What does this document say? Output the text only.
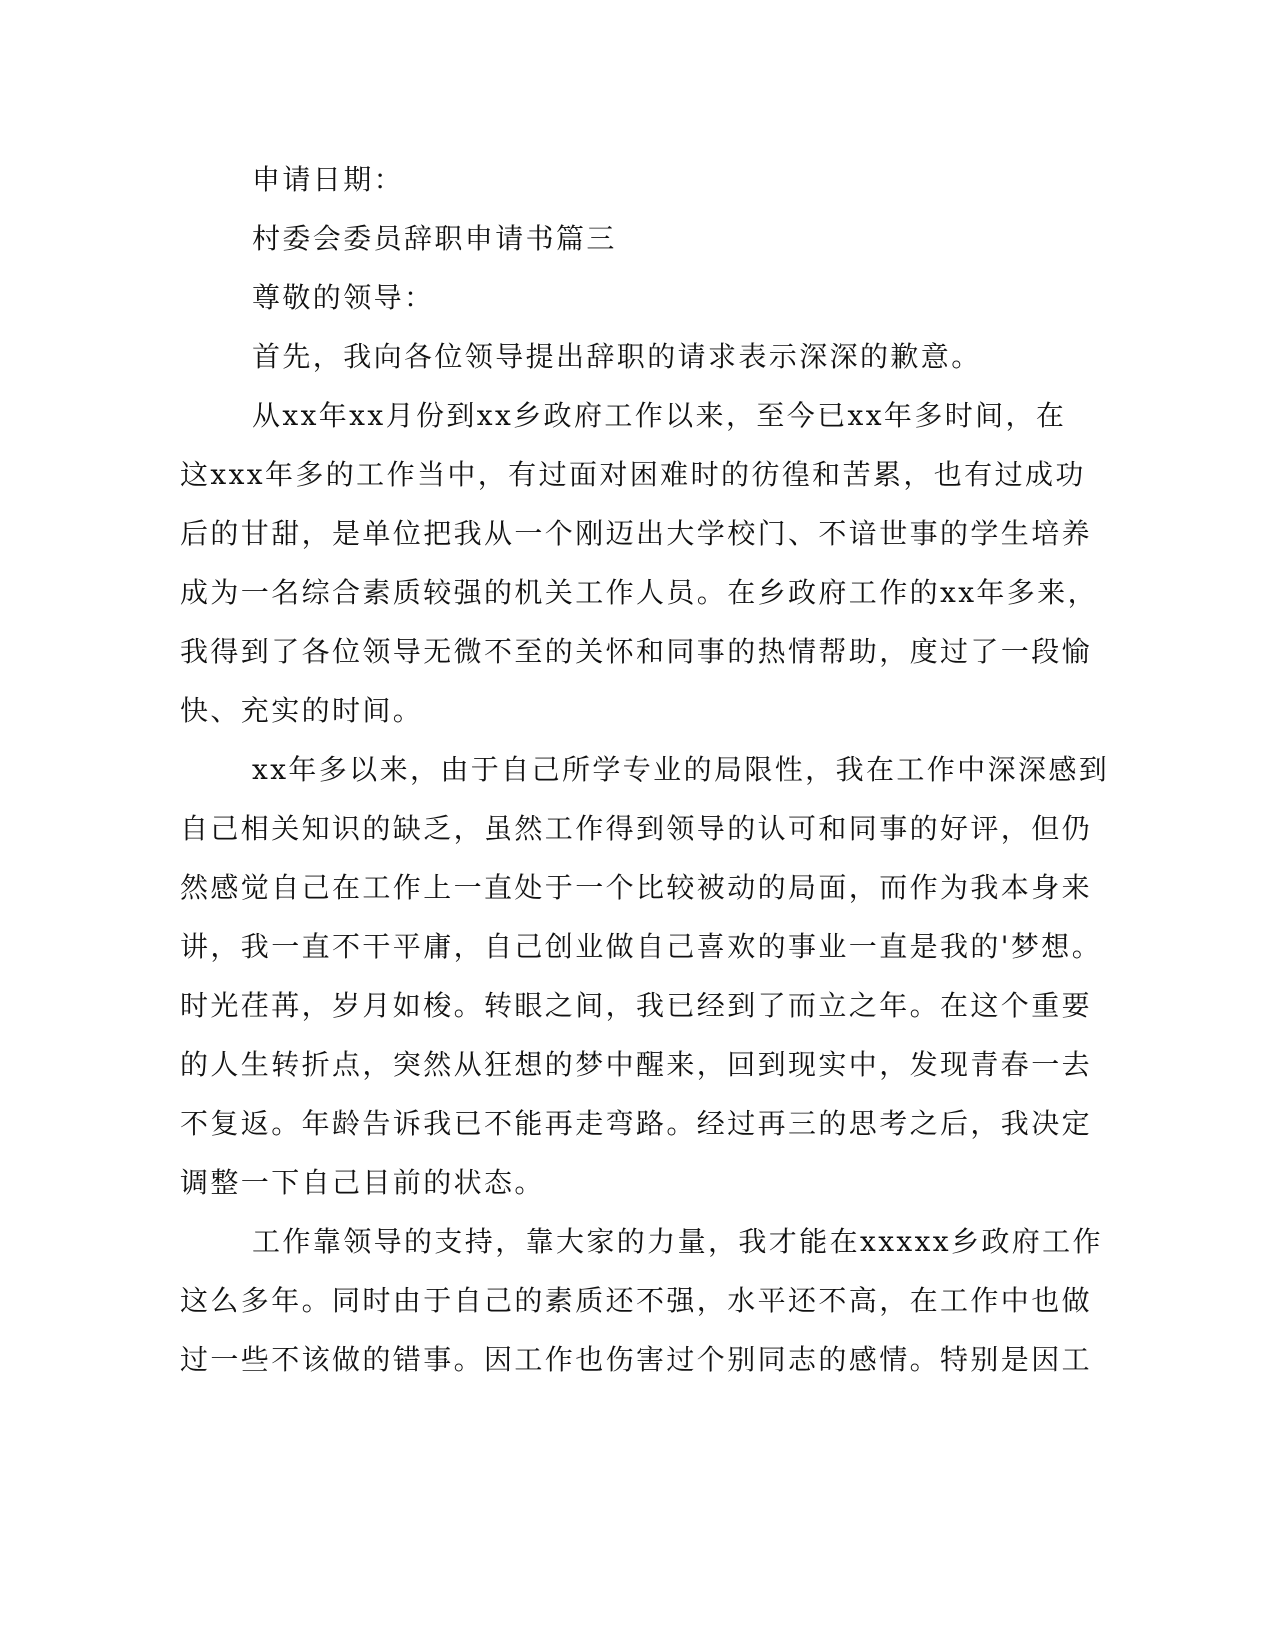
申请日期：

村委会委员辞职申请书篇三

尊敬的领导：

首先，我向各位领导提出辞职的请求表示深深的歉意。

从xx年xx月份到xx乡政府工作以来，至今已xx年多时间，在

这xxx年多的工作当中，有过面对困难时的彷徨和苦累，也有过成功

后的甘甜，是单位把我从一个刚迈出大学校门、不谙世事的学生培养

成为一名综合素质较强的机关工作人员。在乡政府工作的xx年多来，

我得到了各位领导无微不至的关怀和同事的热情帮助，度过了一段愉

快、充实的时间。

xx年多以来，由于自己所学专业的局限性，我在工作中深深感到

自己相关知识的缺乏，虽然工作得到领导的认可和同事的好评，但仍

然感觉自己在工作上一直处于一个比较被动的局面，而作为我本身来

讲，我一直不干平庸，自己创业做自己喜欢的事业一直是我的'梦想。

时光荏苒，岁月如梭。转眼之间，我已经到了而立之年。在这个重要

的人生转折点，突然从狂想的梦中醒来，回到现实中，发现青春一去

不复返。年龄告诉我已不能再走弯路。经过再三的思考之后，我决定

调整一下自己目前的状态。

工作靠领导的支持，靠大家的力量，我才能在xxxxx乡政府工作

这么多年。同时由于自己的素质还不强，水平还不高，在工作中也做

过一些不该做的错事。因工作也伤害过个别同志的感情。特别是因工
